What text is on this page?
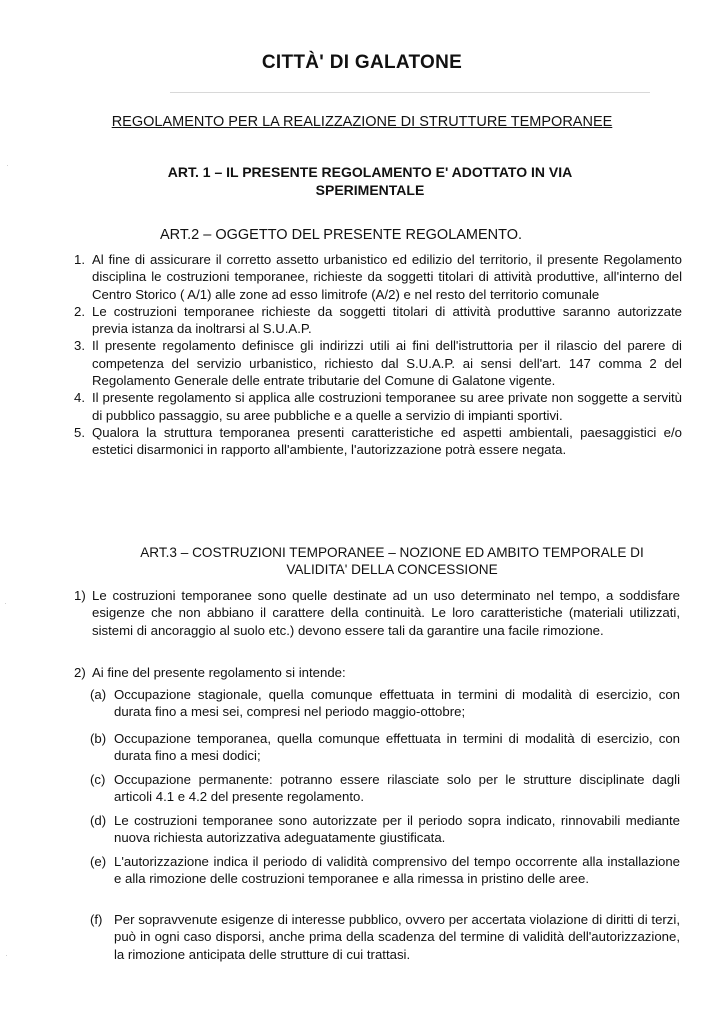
CITTÀ' DI GALATONE
REGOLAMENTO PER LA REALIZZAZIONE DI STRUTTURE TEMPORANEE
ART. 1 – IL PRESENTE REGOLAMENTO E' ADOTTATO IN VIA SPERIMENTALE
ART.2 – OGGETTO DEL PRESENTE REGOLAMENTO.
1. Al fine di assicurare il corretto assetto urbanistico ed edilizio del territorio, il presente Regolamento disciplina le costruzioni temporanee, richieste da soggetti titolari di attività produttive, all'interno del Centro Storico ( A/1) alle zone ad esso limitrofe (A/2) e nel resto del territorio comunale
2. Le costruzioni temporanee richieste da soggetti titolari di attività produttive saranno autorizzate previa istanza da inoltrarsi al S.U.A.P.
3. Il presente regolamento definisce gli indirizzi utili ai fini dell'istruttoria per il rilascio del parere di competenza del servizio urbanistico, richiesto dal S.U.A.P. ai sensi dell'art. 147 comma 2 del Regolamento Generale delle entrate tributarie del Comune di Galatone vigente.
4. Il presente regolamento si applica alle costruzioni temporanee su aree private non soggette a servitù di pubblico passaggio, su aree pubbliche e a quelle a servizio di impianti sportivi.
5. Qualora la struttura temporanea presenti caratteristiche ed aspetti ambientali, paesaggistici e/o estetici disarmonici in rapporto all'ambiente, l'autorizzazione potrà essere negata.
ART.3 – COSTRUZIONI TEMPORANEE – NOZIONE ED AMBITO TEMPORALE DI VALIDITA' DELLA CONCESSIONE
1) Le costruzioni temporanee sono quelle destinate ad un uso determinato nel tempo, a soddisfare esigenze che non abbiano il carattere della continuità. Le loro caratteristiche (materiali utilizzati, sistemi di ancoraggio al suolo etc.) devono essere tali da garantire una facile rimozione.
2) Ai fine del presente regolamento si intende:
(a) Occupazione stagionale, quella comunque effettuata in termini di modalità di esercizio, con durata fino a mesi sei, compresi nel periodo maggio-ottobre;
(b) Occupazione temporanea, quella comunque effettuata in termini di modalità di esercizio, con durata fino a mesi dodici;
(c) Occupazione permanente: potranno essere rilasciate solo per le strutture disciplinate dagli articoli 4.1 e 4.2 del presente regolamento.
(d) Le costruzioni temporanee sono autorizzate per il periodo sopra indicato, rinnovabili mediante nuova richiesta autorizzativa adeguatamente giustificata.
(e) L'autorizzazione indica il periodo di validità comprensivo del tempo occorrente alla installazione e alla rimozione delle costruzioni temporanee e alla rimessa in pristino delle aree.
(f) Per sopravvenute esigenze di interesse pubblico, ovvero per accertata violazione di diritti di terzi, può in ogni caso disporsi, anche prima della scadenza del termine di validità dell'autorizzazione, la rimozione anticipata delle strutture di cui trattasi.
·
·
·
